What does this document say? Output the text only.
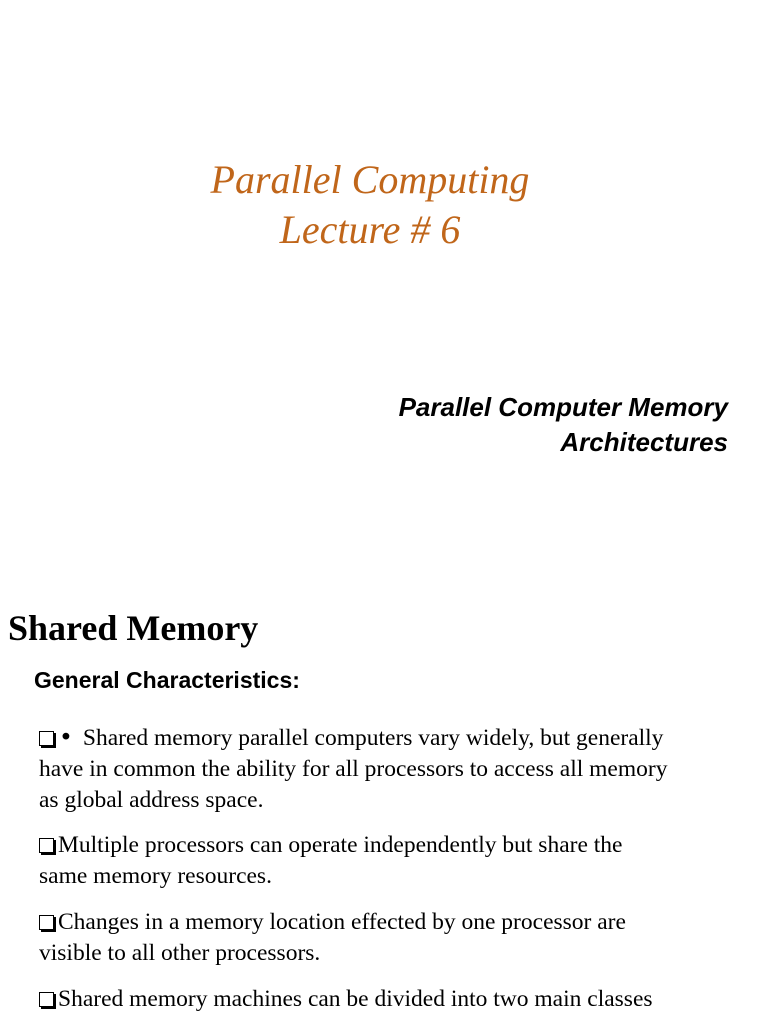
Parallel Computing
Lecture # 6
Parallel Computer Memory
Architectures
Shared Memory
General Characteristics:
• Shared memory parallel computers vary widely, but generally
have in common the ability for all processors to access all memory
as global address space.
Multiple processors can operate independently but share the
same memory resources.
Changes in a memory location effected by one processor are
visible to all other processors.
Shared memory machines can be divided into two main classes
